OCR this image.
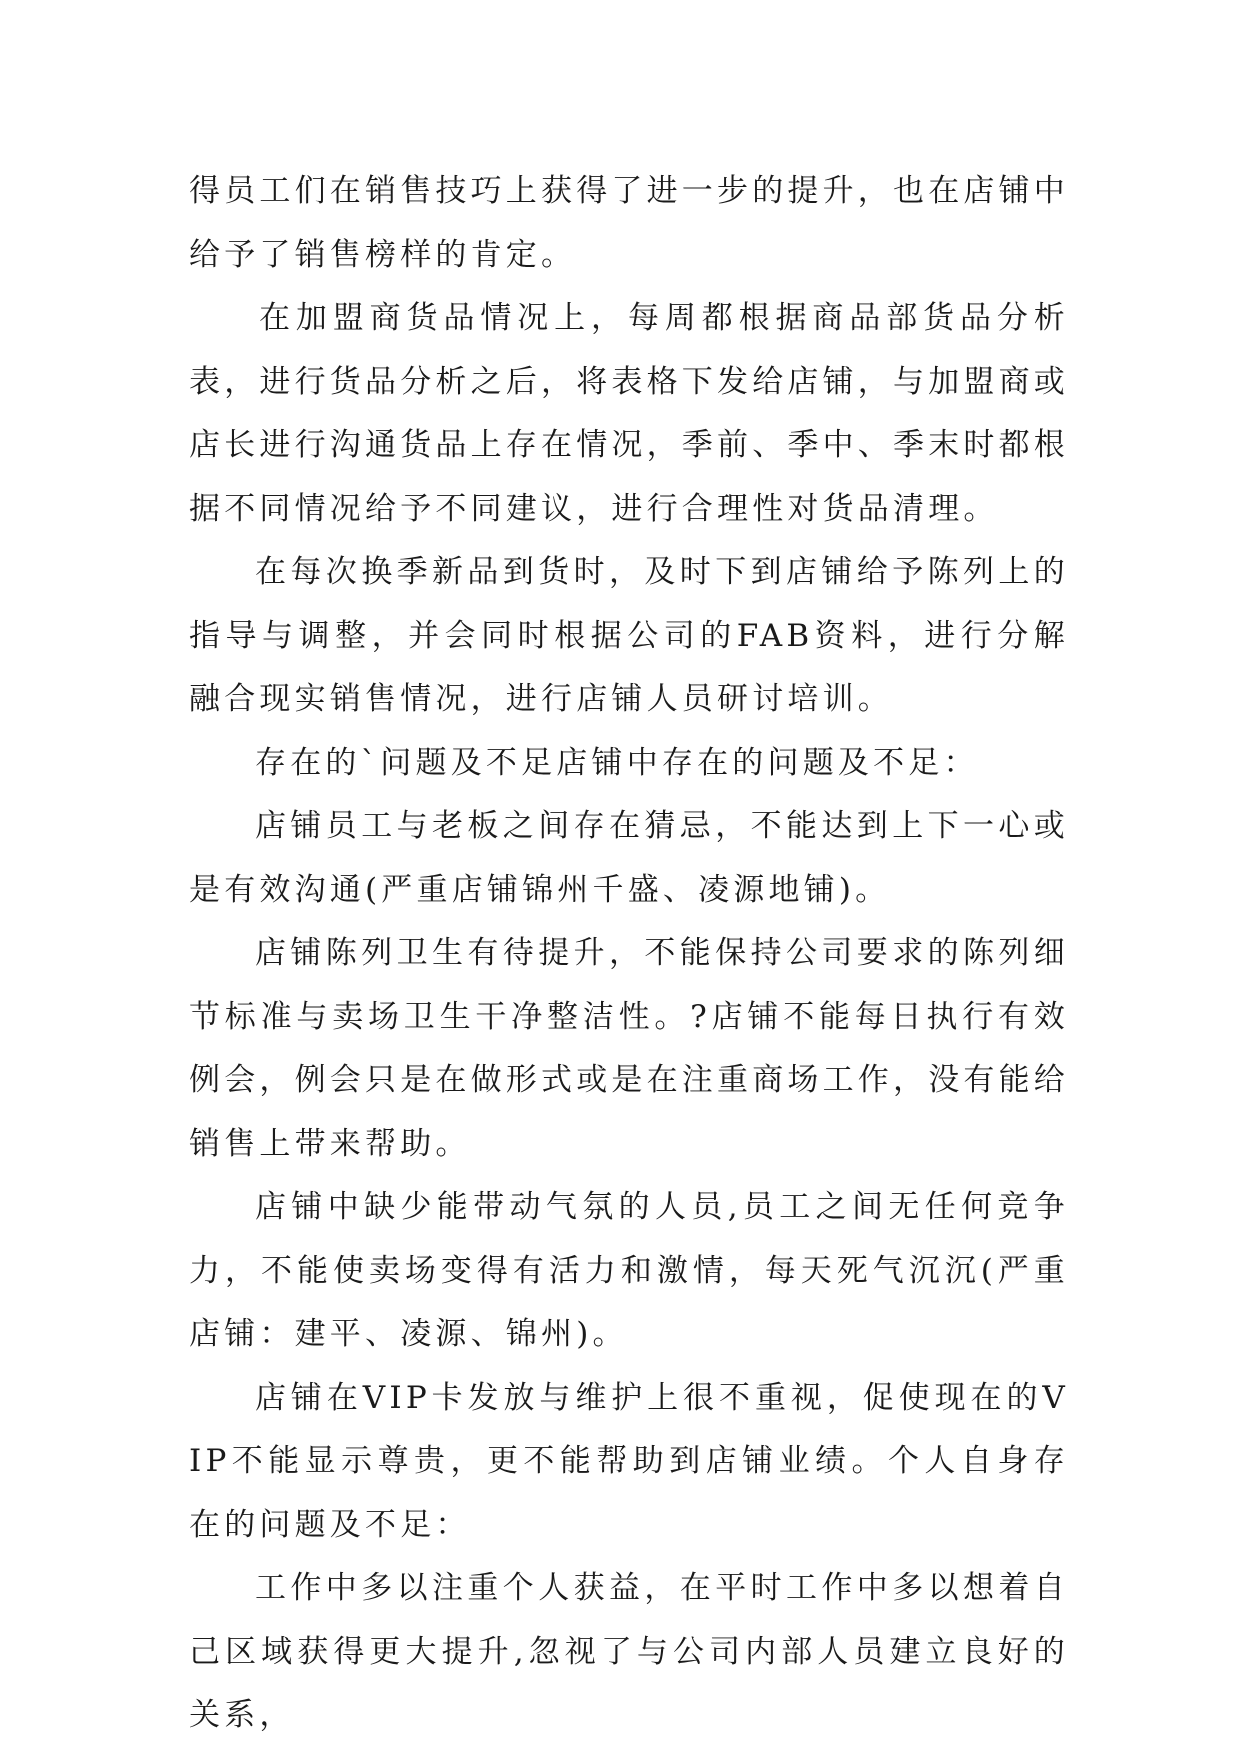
得员工们在销售技巧上获得了进一步的提升，也在店铺中给予了销售榜样的肯定。

在加盟商货品情况上，每周都根据商品部货品分析表，进行货品分析之后，将表格下发给店铺，与加盟商或店长进行沟通货品上存在情况，季前、季中、季末时都根据不同情况给予不同建议，进行合理性对货品清理。

在每次换季新品到货时，及时下到店铺给予陈列上的指导与调整，并会同时根据公司的FAB资料，进行分解融合现实销售情况，进行店铺人员研讨培训。

存在的`问题及不足店铺中存在的问题及不足：

店铺员工与老板之间存在猜忌，不能达到上下一心或是有效沟通(严重店铺锦州千盛、凌源地铺)。

店铺陈列卫生有待提升，不能保持公司要求的陈列细节标准与卖场卫生干净整洁性。?店铺不能每日执行有效例会，例会只是在做形式或是在注重商场工作，没有能给销售上带来帮助。

店铺中缺少能带动气氛的人员,员工之间无任何竞争力，不能使卖场变得有活力和激情，每天死气沉沉(严重店铺：建平、凌源、锦州)。

店铺在VIP卡发放与维护上很不重视，促使现在的VIP不能显示尊贵，更不能帮助到店铺业绩。个人自身存在的问题及不足：

工作中多以注重个人获益，在平时工作中多以想着自己区域获得更大提升,忽视了与公司内部人员建立良好的关系，
